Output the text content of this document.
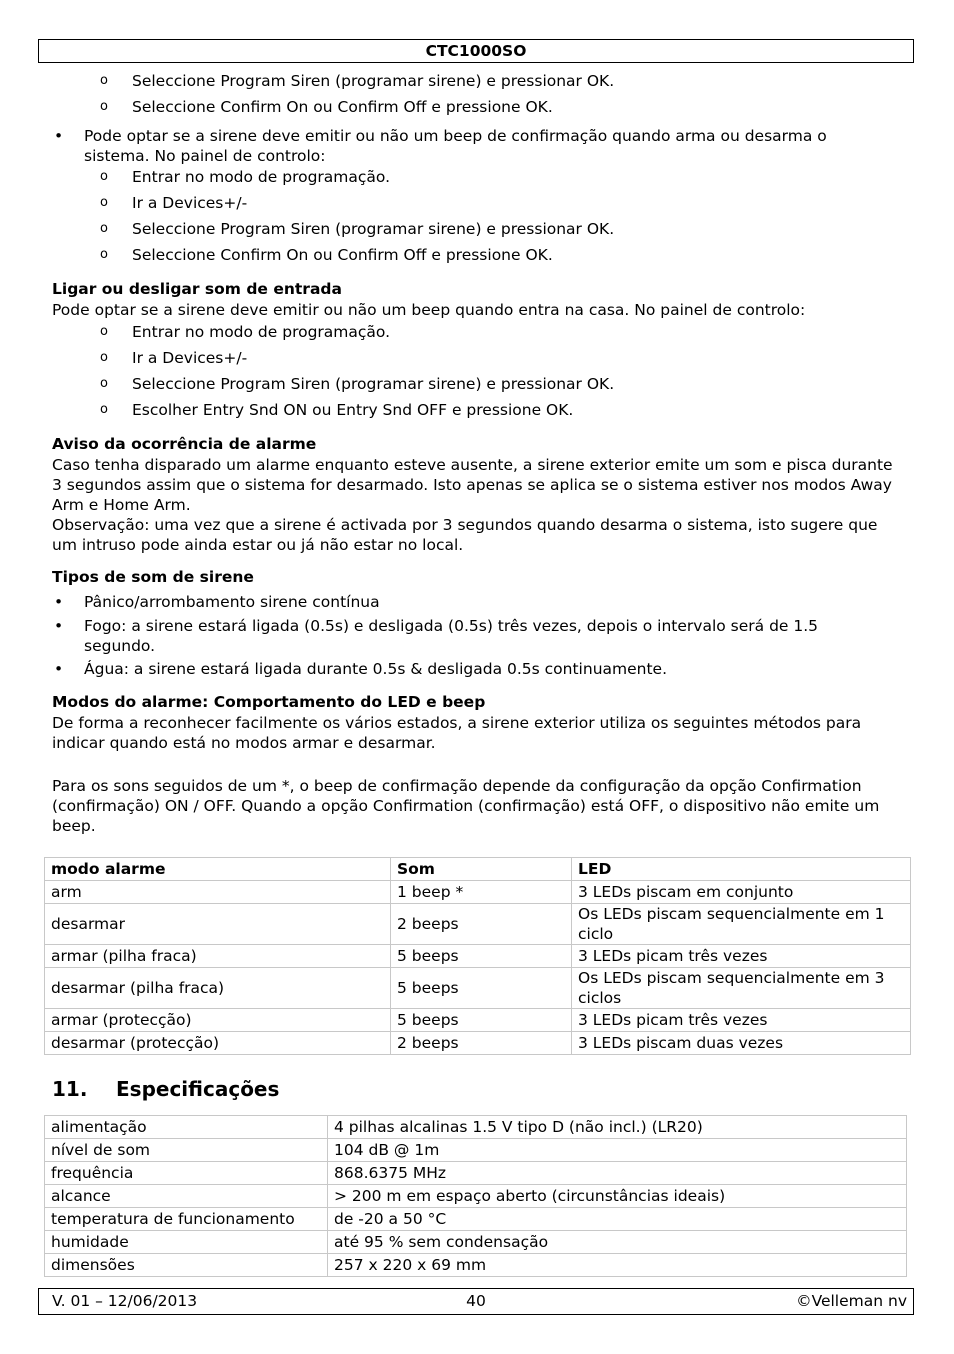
CTC1000SO
o Seleccione Program Siren (programar sirene) e pressionar OK.
o Seleccione Confirm On ou Confirm Off e pressione OK.
• Pode optar se a sirene deve emitir ou não um beep de confirmação quando arma ou desarma o sistema. No painel de controlo:
o Entrar no modo de programação.
o Ir a Devices+/-
o Seleccione Program Siren (programar sirene) e pressionar OK.
o Seleccione Confirm On ou Confirm Off e pressione OK.
Ligar ou desligar som de entrada
Pode optar se a sirene deve emitir ou não um beep quando entra na casa. No painel de controlo:
o Entrar no modo de programação.
o Ir a Devices+/-
o Seleccione Program Siren (programar sirene) e pressionar OK.
o Escolher Entry Snd ON ou Entry Snd OFF e pressione OK.
Aviso da ocorrência de alarme
Caso tenha disparado um alarme enquanto esteve ausente, a sirene exterior emite um som e pisca durante 3 segundos assim que o sistema for desarmado. Isto apenas se aplica se o sistema estiver nos modos Away Arm e Home Arm.
Observação: uma vez que a sirene é activada por 3 segundos quando desarma o sistema, isto sugere que um intruso pode ainda estar ou já não estar no local.
Tipos de som de sirene
• Pânico/arrombamento sirene contínua
• Fogo: a sirene estará ligada (0.5s) e desligada (0.5s) três vezes, depois o intervalo será de 1.5 segundo.
• Água: a sirene estará ligada durante 0.5s & desligada 0.5s continuamente.
Modos do alarme: Comportamento do LED e beep
De forma a reconhecer facilmente os vários estados, a sirene exterior utiliza os seguintes métodos para indicar quando está no modos armar e desarmar.
Para os sons seguidos de um *, o beep de confirmação depende da configuração da opção Confirmation (confirmação) ON / OFF. Quando a opção Confirmation (confirmação) está OFF, o dispositivo não emite um beep.
modo alarme	Som	LED
arm	1 beep *	3 LEDs piscam em conjunto
desarmar	2 beeps	Os LEDs piscam sequencialmente em 1 ciclo
armar (pilha fraca)	5 beeps	3 LEDs picam três vezes
desarmar (pilha fraca)	5 beeps	Os LEDs piscam sequencialmente em 3 ciclos
armar (protecção)	5 beeps	3 LEDs picam três vezes
desarmar (protecção)	2 beeps	3 LEDs piscam duas vezes
11. Especificações
alimentação	4 pilhas alcalinas 1.5 V tipo D (não incl.) (LR20)
nível de som	104 dB @ 1m
frequência	868.6375 MHz
alcance	> 200 m em espaço aberto (circunstâncias ideais)
temperatura de funcionamento	de -20 a 50 °C
humidade	até 95 % sem condensação
dimensões	257 x 220 x 69 mm
V. 01 – 12/06/2013	40	©Velleman nv
